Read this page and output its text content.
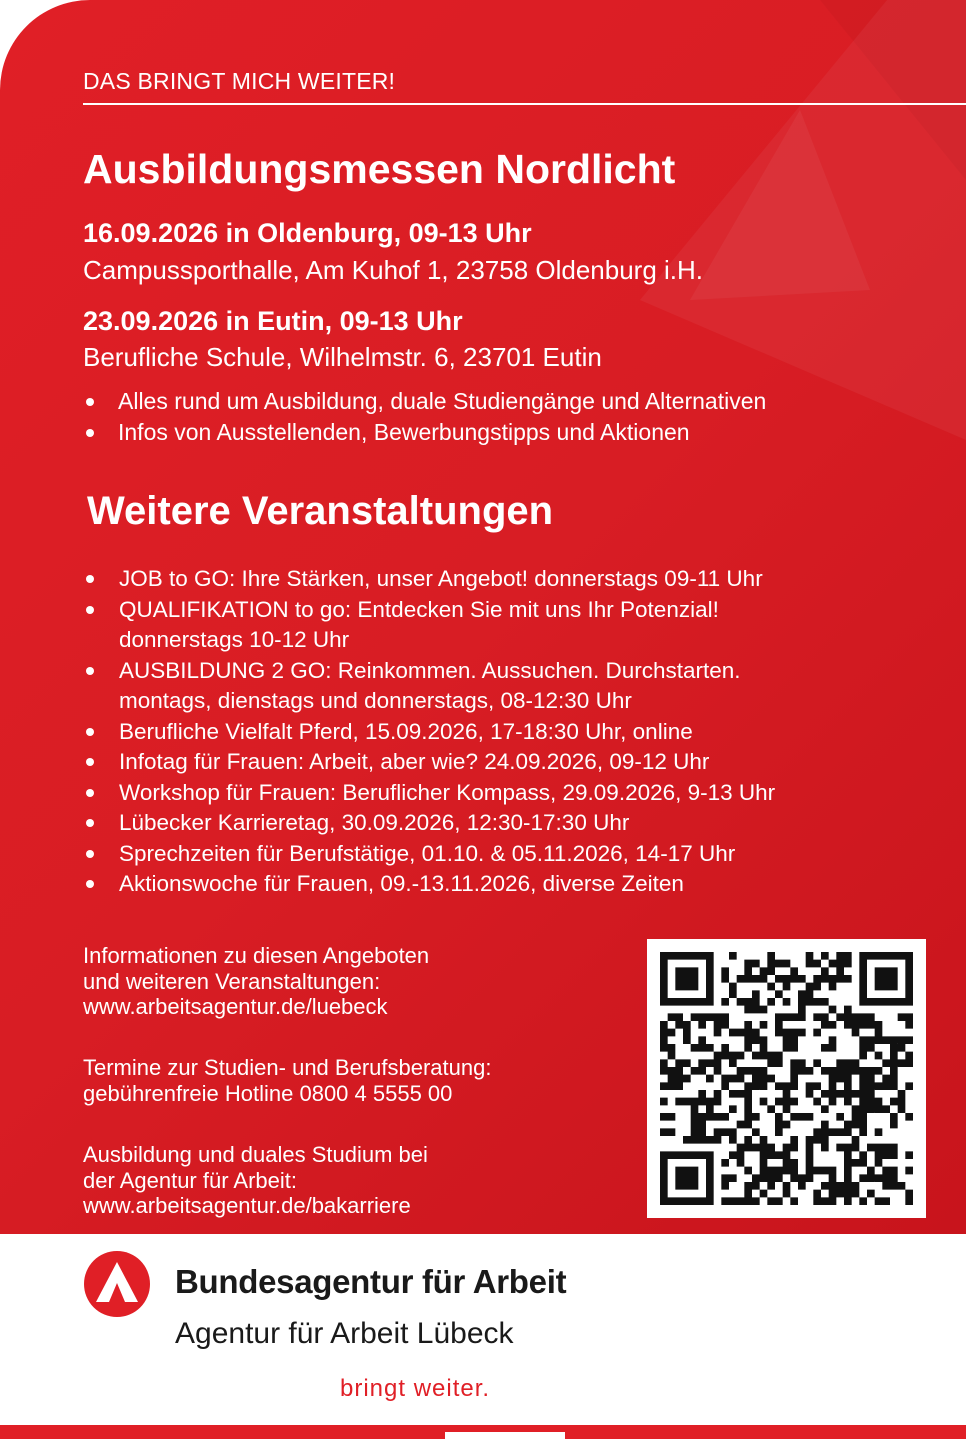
DAS BRINGT MICH WEITER!
Ausbildungsmessen Nordlicht
16.09.2026 in Oldenburg, 09-13 Uhr
Campussporthalle, Am Kuhof 1, 23758 Oldenburg i.H.
23.09.2026 in Eutin, 09-13 Uhr
Berufliche Schule, Wilhelmstr. 6, 23701 Eutin
Alles rund um Ausbildung, duale Studiengänge und Alternativen
Infos von Ausstellenden, Bewerbungstipps und Aktionen
Weitere Veranstaltungen
JOB to GO: Ihre Stärken, unser Angebot! donnerstags 09-11 Uhr
QUALIFIKATION to go: Entdecken Sie mit uns Ihr Potenzial!
donnerstags 10-12 Uhr
AUSBILDUNG 2 GO: Reinkommen. Aussuchen. Durchstarten.
montags, dienstags und donnerstags, 08-12:30 Uhr
Berufliche Vielfalt Pferd, 15.09.2026, 17-18:30 Uhr, online
Infotag für Frauen: Arbeit, aber wie? 24.09.2026, 09-12 Uhr
Workshop für Frauen: Beruflicher Kompass, 29.09.2026, 9-13 Uhr
Lübecker Karrieretag, 30.09.2026, 12:30-17:30 Uhr
Sprechzeiten für Berufstätige, 01.10. & 05.11.2026, 14-17 Uhr
Aktionswoche für Frauen, 09.-13.11.2026, diverse Zeiten

Informationen zu diesen Angeboten
und weiteren Veranstaltungen:
www.arbeitsagentur.de/luebeck

Termine zur Studien- und Berufsberatung:
gebührenfreie Hotline 0800 4 5555 00

Ausbildung und duales Studium bei
der Agentur für Arbeit:
www.arbeitsagentur.de/bakarriere

Bundesagentur für Arbeit
Agentur für Arbeit Lübeck
bringt weiter.
